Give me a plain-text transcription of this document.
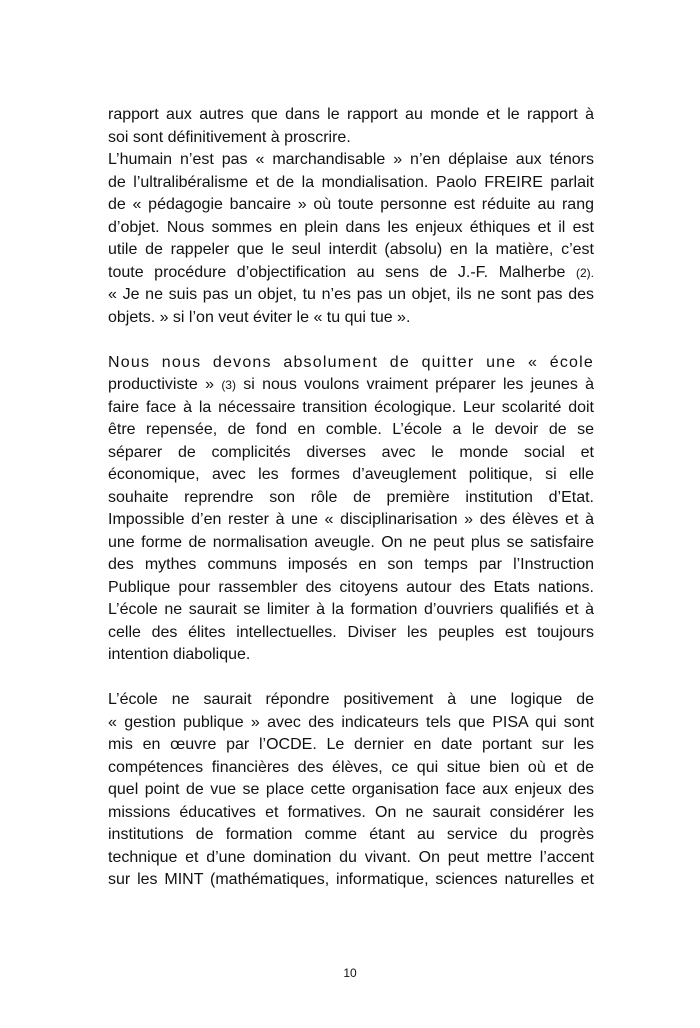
rapport aux autres que dans le rapport au monde et le rapport à
soi sont définitivement à proscrire.
L’humain n’est pas « marchandisable » n’en déplaise aux ténors
de l’ultralibéralisme et de la mondialisation. Paolo FREIRE parlait
de « pédagogie bancaire » où toute personne est réduite au rang
d’objet. Nous sommes en plein dans les enjeux éthiques et il est
utile de rappeler que le seul interdit (absolu) en la matière, c’est
toute procédure d’objectification au sens de J.-F. Malherbe (2).
« Je ne suis pas un objet, tu n’es pas un objet, ils ne sont pas des
objets. » si l’on veut éviter le « tu qui tue ».

Nous nous devons absolument de quitter une « école
productiviste » (3) si nous voulons vraiment préparer les jeunes à
faire face à la nécessaire transition écologique. Leur scolarité doit
être repensée, de fond en comble. L’école a le devoir de se
séparer de complicités diverses avec le monde social et
économique, avec les formes d’aveuglement politique, si elle
souhaite reprendre son rôle de première institution d’Etat.
Impossible d’en rester à une « disciplinarisation » des élèves et à
une forme de normalisation aveugle. On ne peut plus se satisfaire
des mythes communs imposés en son temps par l’Instruction
Publique pour rassembler des citoyens autour des Etats nations.
L’école ne saurait se limiter à la formation d’ouvriers qualifiés et à
celle des élites intellectuelles. Diviser les peuples est toujours
intention diabolique.

L’école ne saurait répondre positivement à une logique de
« gestion publique » avec des indicateurs tels que PISA qui sont
mis en œuvre par l’OCDE. Le dernier en date portant sur les
compétences financières des élèves, ce qui situe bien où et de
quel point de vue se place cette organisation face aux enjeux des
missions éducatives et formatives. On ne saurait considérer les
institutions de formation comme étant au service du progrès
technique et d’une domination du vivant. On peut mettre l’accent
sur les MINT (mathématiques, informatique, sciences naturelles et

10
